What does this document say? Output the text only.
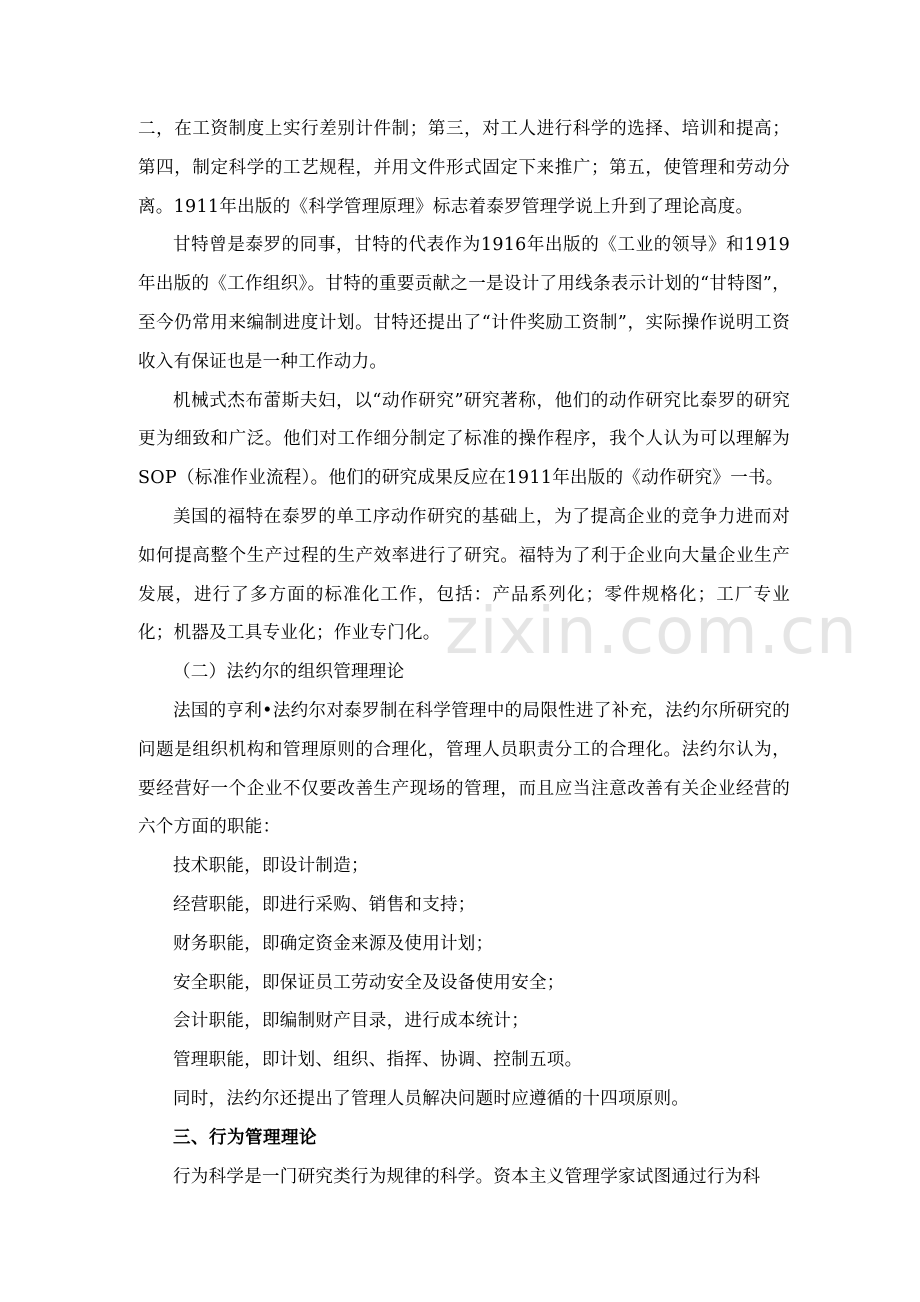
二，在工资制度上实行差别计件制；第三，对工人进行科学的选择、培训和提高；第四，制定科学的工艺规程，并用文件形式固定下来推广；第五，使管理和劳动分离。1911年出版的《科学管理原理》标志着泰罗管理学说上升到了理论高度。

甘特曾是泰罗的同事，甘特的代表作为1916年出版的《工业的领导》和1919年出版的《工作组织》。甘特的重要贡献之一是设计了用线条表示计划的“甘特图”，至今仍常用来编制进度计划。甘特还提出了“计件奖励工资制”，实际操作说明工资收入有保证也是一种工作动力。

机械式杰布蕾斯夫妇，以“动作研究”研究著称，他们的动作研究比泰罗的研究更为细致和广泛。他们对工作细分制定了标准的操作程序，我个人认为可以理解为SOP（标准作业流程）。他们的研究成果反应在1911年出版的《动作研究》一书。

美国的福特在泰罗的单工序动作研究的基础上，为了提高企业的竞争力进而对如何提高整个生产过程的生产效率进行了研究。福特为了利于企业向大量企业生产发展，进行了多方面的标准化工作，包括：产品系列化；零件规格化；工厂专业化；机器及工具专业化；作业专门化。

（二）法约尔的组织管理理论

法国的亨利•法约尔对泰罗制在科学管理中的局限性进了补充，法约尔所研究的问题是组织机构和管理原则的合理化，管理人员职责分工的合理化。法约尔认为，要经营好一个企业不仅要改善生产现场的管理，而且应当注意改善有关企业经营的六个方面的职能：

技术职能，即设计制造；

经营职能，即进行采购、销售和支持；

财务职能，即确定资金来源及使用计划；

安全职能，即保证员工劳动安全及设备使用安全；

会计职能，即编制财产目录，进行成本统计；

管理职能，即计划、组织、指挥、协调、控制五项。

同时，法约尔还提出了管理人员解决问题时应遵循的十四项原则。

三、行为管理理论

行为科学是一门研究类行为规律的科学。资本主义管理学家试图通过行为科

zixin.com.cn
